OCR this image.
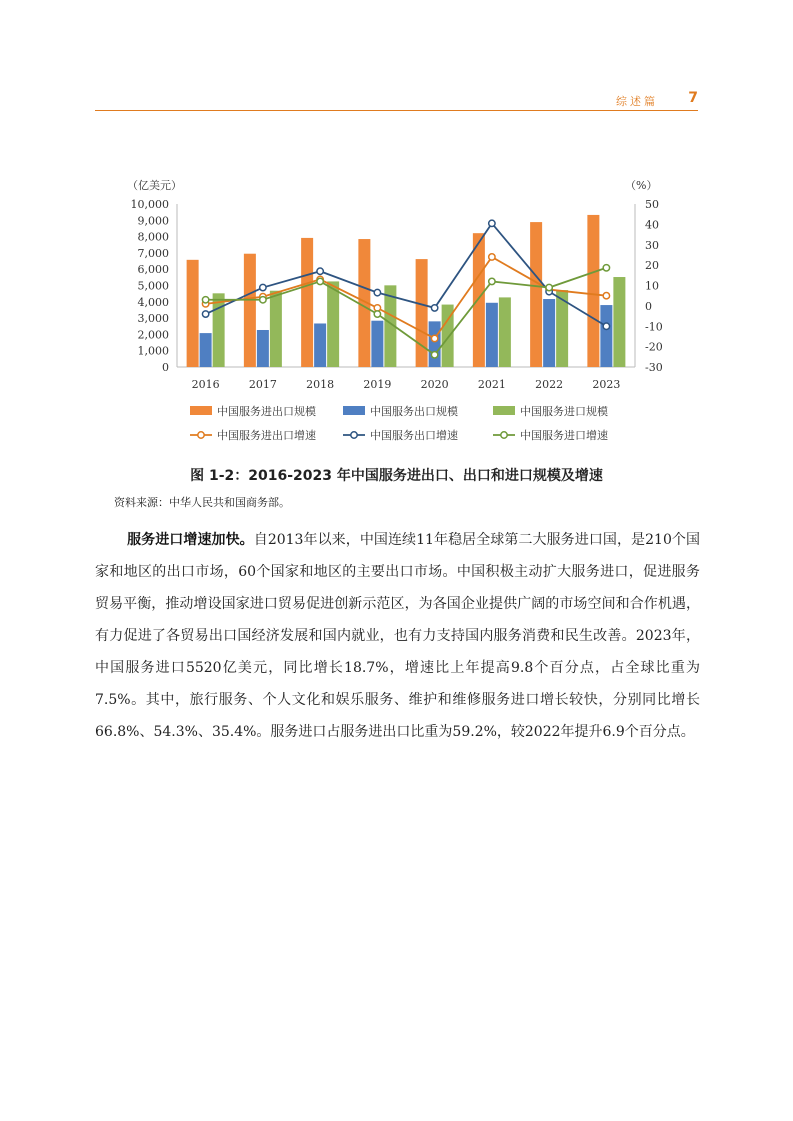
综述篇 7
（亿美元）	（%）
10,000
9,000
8,000
7,000
6,000
5,000
4,000
3,000
2,000
1,000
0
50
40
30
20
10
0
-10
-20
-30
2016	2017	2018	2019	2020	2021	2022	2023
中国服务进出口规模	中国服务出口规模	中国服务进口规模
中国服务进出口增速	中国服务出口增速	中国服务进口增速
图 1-2：2016-2023 年中国服务进出口、出口和进口规模及增速
资料来源：中华人民共和国商务部。
服务进口增速加快。自2013年以来，中国连续11年稳居全球第二大服务进口国，是210个国家和地区的出口市场，60个国家和地区的主要出口市场。中国积极主动扩大服务进口，促进服务贸易平衡，推动增设国家进口贸易促进创新示范区，为各国企业提供广阔的市场空间和合作机遇，有力促进了各贸易出口国经济发展和国内就业，也有力支持国内服务消费和民生改善。2023年，中国服务进口5520亿美元，同比增长18.7%，增速比上年提高9.8个百分点，占全球比重为7.5%。其中，旅行服务、个人文化和娱乐服务、维护和维修服务进口增长较快，分别同比增长66.8%、54.3%、35.4%。服务进口占服务进出口比重为59.2%，较2022年提升6.9个百分点。
